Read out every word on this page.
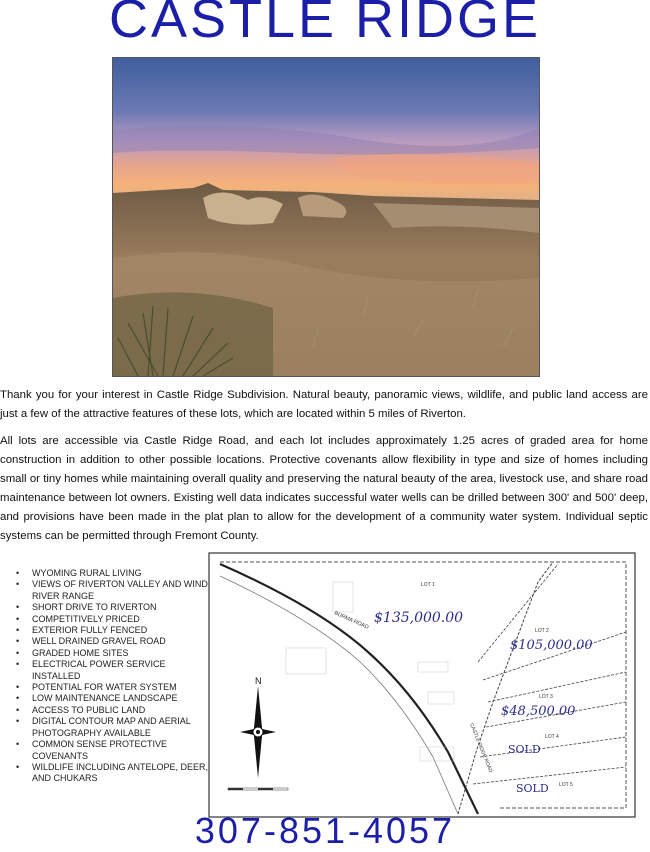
CASTLE RIDGE

Thank you for your interest in Castle Ridge Subdivision. Natural beauty, panoramic views, wildlife, and public land access are just a few of the attractive features of these lots, which are located within 5 miles of Riverton.

All lots are accessible via Castle Ridge Road, and each lot includes approximately 1.25 acres of graded area for home construction in addition to other possible locations. Protective covenants allow flexibility in type and size of homes including small or tiny homes while maintaining overall quality and preserving the natural beauty of the area, livestock use, and share road maintenance between lot owners. Existing well data indicates successful water wells can be drilled between 300' and 500' deep, and provisions have been made in the plat plan to allow for the development of a community water system. Individual septic systems can be permitted through Fremont County.

• WYOMING RURAL LIVING
• VIEWS OF RIVERTON VALLEY AND WIND RIVER RANGE
• SHORT DRIVE TO RIVERTON
• COMPETITIVELY PRICED
• EXTERIOR FULLY FENCED
• WELL DRAINED GRAVEL ROAD
• GRADED HOME SITES
• ELECTRICAL POWER SERVICE INSTALLED
• POTENTIAL FOR WATER SYSTEM
• LOW MAINTENANCE LANDSCAPE
• ACCESS TO PUBLIC LAND
• DIGITAL CONTOUR MAP AND AERIAL PHOTOGRAPHY AVAILABLE
• COMMON SENSE PROTECTIVE COVENANTS
• WILDLIFE INCLUDING ANTELOPE, DEER, AND CHUKARS
BURMA ROAD
CASTLE RIDGE ROAD
LOT 1
LOT 2
LOT 3
LOT 4
LOT 5
$135,000.00
$105,000.00
$48,500.00
SOLD
SOLD
N
307-851-4057
